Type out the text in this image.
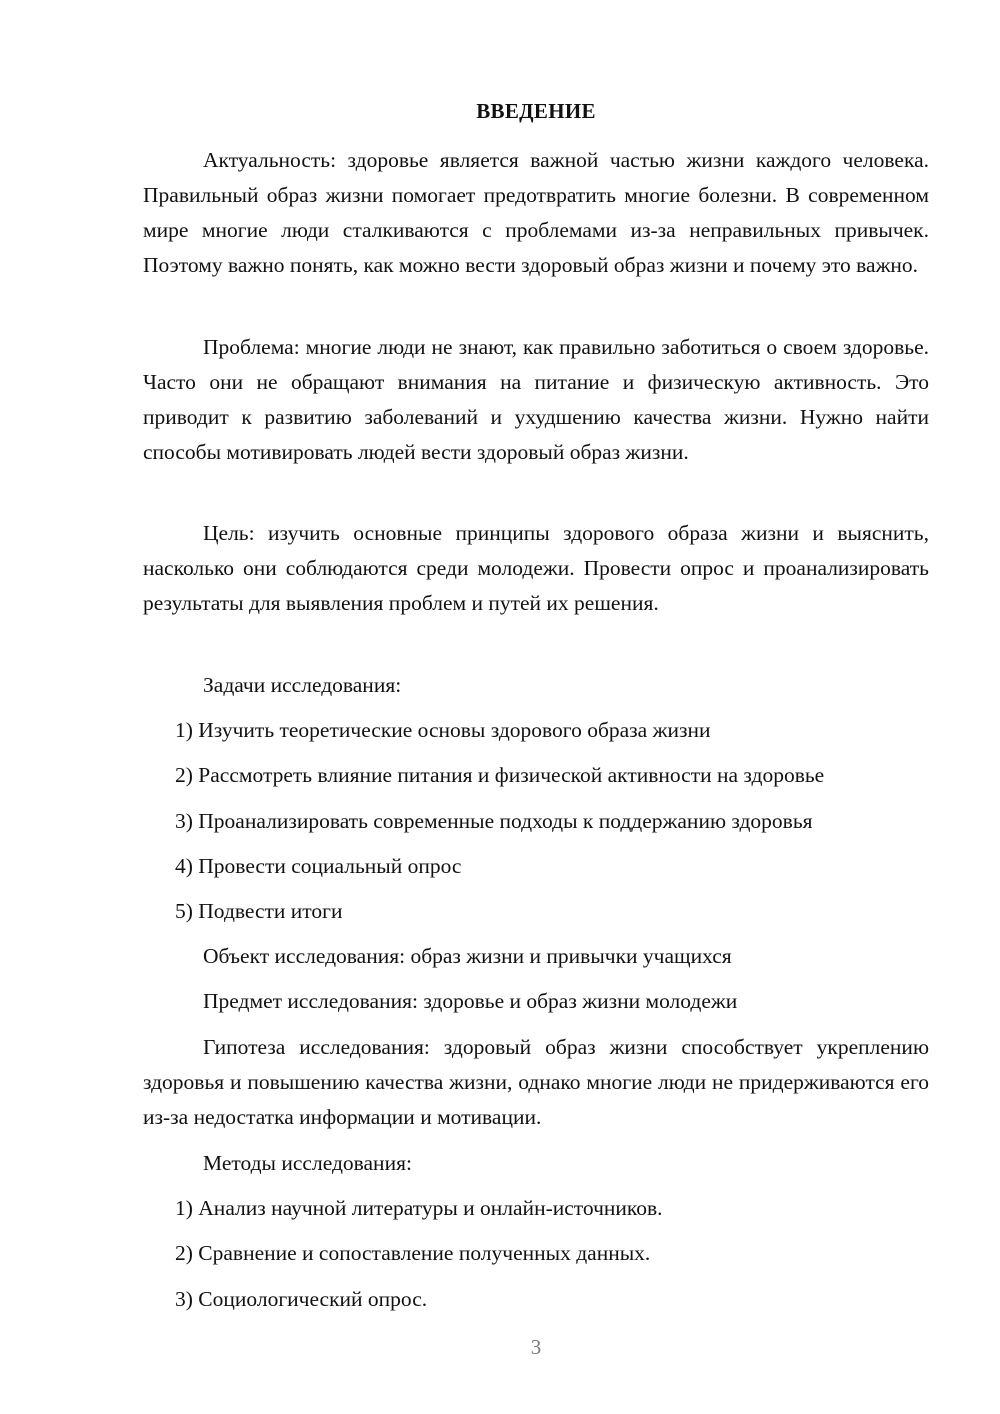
ВВЕДЕНИЕ

Актуальность: здоровье является важной частью жизни каждого человека. Правильный образ жизни помогает предотвратить многие болезни. В современном мире многие люди сталкиваются с проблемами из-за неправильных привычек. Поэтому важно понять, как можно вести здоровый образ жизни и почему это важно.

Проблема: многие люди не знают, как правильно заботиться о своем здоровье. Часто они не обращают внимания на питание и физическую активность. Это приводит к развитию заболеваний и ухудшению качества жизни. Нужно найти способы мотивировать людей вести здоровый образ жизни.

Цель: изучить основные принципы здорового образа жизни и выяснить, насколько они соблюдаются среди молодежи. Провести опрос и проанализировать результаты для выявления проблем и путей их решения.

Задачи исследования:

1) Изучить теоретические основы здорового образа жизни

2) Рассмотреть влияние питания и физической активности на здоровье

3) Проанализировать современные подходы к поддержанию здоровья

4) Провести социальный опрос

5) Подвести итоги

Объект исследования: образ жизни и привычки учащихся

Предмет исследования: здоровье и образ жизни молодежи

Гипотеза исследования: здоровый образ жизни способствует укреплению здоровья и повышению качества жизни, однако многие люди не придерживаются его из-за недостатка информации и мотивации.

Методы исследования:

1) Анализ научной литературы и онлайн-источников.

2) Сравнение и сопоставление полученных данных.

3) Социологический опрос.

3
